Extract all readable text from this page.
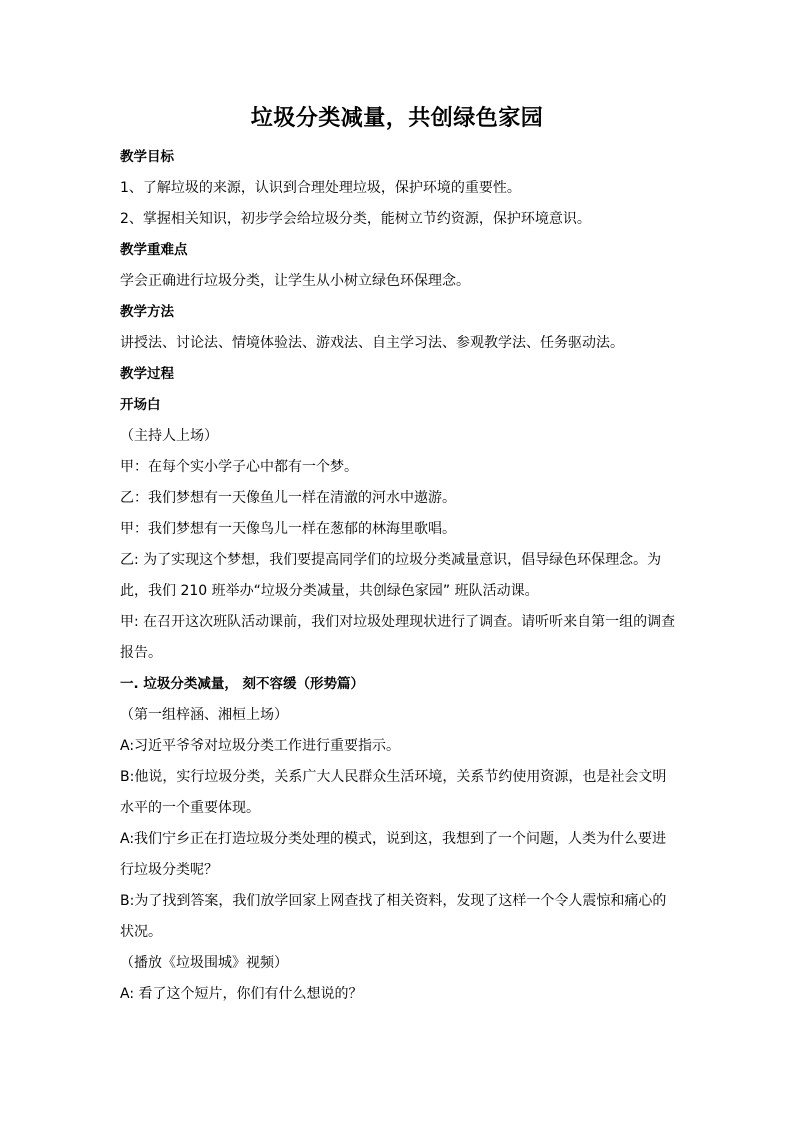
垃圾分类减量，共创绿色家园

教学目标

1、了解垃圾的来源，认识到合理处理垃圾，保护环境的重要性。

2、掌握相关知识，初步学会给垃圾分类，能树立节约资源，保护环境意识。

教学重难点

学会正确进行垃圾分类，让学生从小树立绿色环保理念。

教学方法

讲授法、讨论法、情境体验法、游戏法、自主学习法、参观教学法、任务驱动法。

教学过程

开场白

（主持人上场）

甲：在每个实小学子心中都有一个梦。

乙：我们梦想有一天像鱼儿一样在清澈的河水中遨游。

甲：我们梦想有一天像鸟儿一样在葱郁的林海里歌唱。

乙: 为了实现这个梦想，我们要提高同学们的垃圾分类减量意识，倡导绿色环保理念。为此，我们 210 班举办“垃圾分类减量，共创绿色家园” 班队活动课。

甲: 在召开这次班队活动课前，我们对垃圾处理现状进行了调查。请听听来自第一组的调查报告。

一. 垃圾分类减量， 刻不容缓（形势篇）

（第一组梓涵、湘桓上场）

A:习近平爷爷对垃圾分类工作进行重要指示。

B:他说，实行垃圾分类，关系广大人民群众生活环境，关系节约使用资源，也是社会文明水平的一个重要体现。

A:我们宁乡正在打造垃圾分类处理的模式，说到这，我想到了一个问题，人类为什么要进行垃圾分类呢？

B:为了找到答案，我们放学回家上网查找了相关资料，发现了这样一个令人震惊和痛心的状况。

（播放《垃圾围城》视频）

A: 看了这个短片，你们有什么想说的？
